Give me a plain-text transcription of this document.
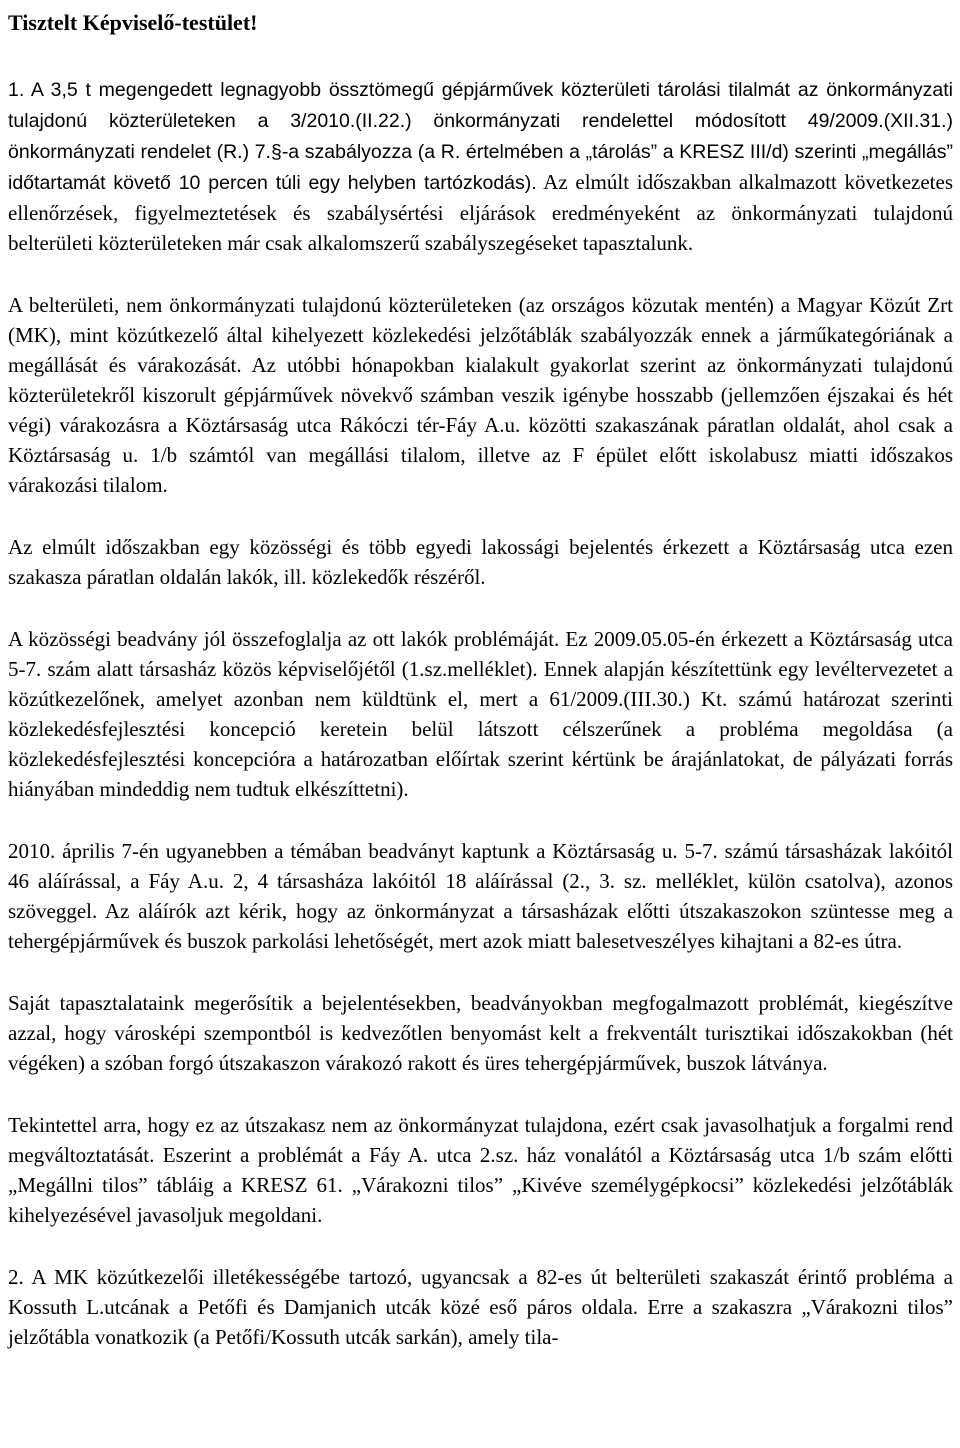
Tisztelt Képviselő-testület!
1. A 3,5 t megengedett legnagyobb össztömegű gépjárművek közterületi tárolási tilalmát az önkormányzati tulajdonú közterületeken a 3/2010.(II.22.) önkormányzati rendelettel módosított 49/2009.(XII.31.) önkormányzati rendelet (R.) 7.§-a szabályozza (a R. értelmében a „tárolás” a KRESZ III/d) szerinti „megállás” időtartamát követő 10 percen túli egy helyben tartózkodás). Az elmúlt időszakban alkalmazott következetes ellenőrzések, figyelmeztetések és szabálysértési eljárások eredményeként az önkormányzati tulajdonú belterületi közterületeken már csak alkalomszerű szabályszegéseket tapasztalunk.
A belterületi, nem önkormányzati tulajdonú közterületeken (az országos közutak mentén) a Magyar Közút Zrt (MK), mint közútkezelő által kihelyezett közlekedési jelzőtáblák szabályozzák ennek a járműkategóriának a megállását és várakozását. Az utóbbi hónapokban kialakult gyakorlat szerint az önkormányzati tulajdonú közterületekről kiszorult gépjárművek növekvő számban veszik igénybe hosszabb (jellemzően éjszakai és hét végi) várakozásra a Köztársaság utca Rákóczi tér-Fáy A.u. közötti szakaszának páratlan oldalát, ahol csak a Köztársaság u. 1/b számtól van megállási tilalom, illetve az F épület előtt iskolabusz miatti időszakos várakozási tilalom.
Az elmúlt időszakban egy közösségi és több egyedi lakossági bejelentés érkezett a Köztársaság utca ezen szakasza páratlan oldalán lakók, ill. közlekedők részéről.
A közösségi beadvány jól összefoglalja az ott lakók problémáját. Ez 2009.05.05-én érkezett a Köztársaság utca 5-7. szám alatt társasház közös képviselőjétől (1.sz.melléklet). Ennek alapján készítettünk egy levéltervezetet a közútkezelőnek, amelyet azonban nem küldtünk el, mert a 61/2009.(III.30.) Kt. számú határozat szerinti közlekedésfejlesztési koncepció keretein belül látszott célszerűnek a probléma megoldása (a közlekedésfejlesztési koncepcióra a határozatban előírtak szerint kértünk be árajánlatokat, de pályázati forrás hiányában mindeddig nem tudtuk elkészíttetni).
2010. április 7-én ugyanebben a témában beadványt kaptunk a Köztársaság u. 5-7. számú társasházak lakóitól 46 aláírással, a Fáy A.u. 2, 4 társasháza lakóitól 18 aláírással (2., 3. sz. melléklet, külön csatolva), azonos szöveggel. Az aláírók azt kérik, hogy az önkormányzat a társasházak előtti útszakaszokon szüntesse meg a tehergépjárművek és buszok parkolási lehetőségét, mert azok miatt balesetveszélyes kihajtani a 82-es útra.
Saját tapasztalataink megerősítik a bejelentésekben, beadványokban megfogalmazott problémát, kiegészítve azzal, hogy városképi szempontból is kedvezőtlen benyomást kelt a frekventált turisztikai időszakokban (hét végéken) a szóban forgó útszakaszon várakozó rakott és üres tehergépjárművek, buszok látványa.
Tekintettel arra, hogy ez az útszakasz nem az önkormányzat tulajdona, ezért csak javasolhatjuk a forgalmi rend megváltoztatását. Eszerint a problémát a Fáy A. utca 2.sz. ház vonalától a Köztársaság utca 1/b szám előtti „Megállni tilos” tábláig a KRESZ 61. „Várakozni tilos” „Kivéve személygépkocsi” közlekedési jelzőtáblák kihelyezésével javasoljuk megoldani.
2. A MK közútkezelői illetékességébe tartozó, ugyancsak a 82-es út belterületi szakaszát érintő probléma a Kossuth L.utcának a Petőfi és Damjanich utcák közé eső páros oldala. Erre a szakaszra „Várakozni tilos” jelzőtábla vonatkozik (a Petőfi/Kossuth utcák sarkán), amely tila-
